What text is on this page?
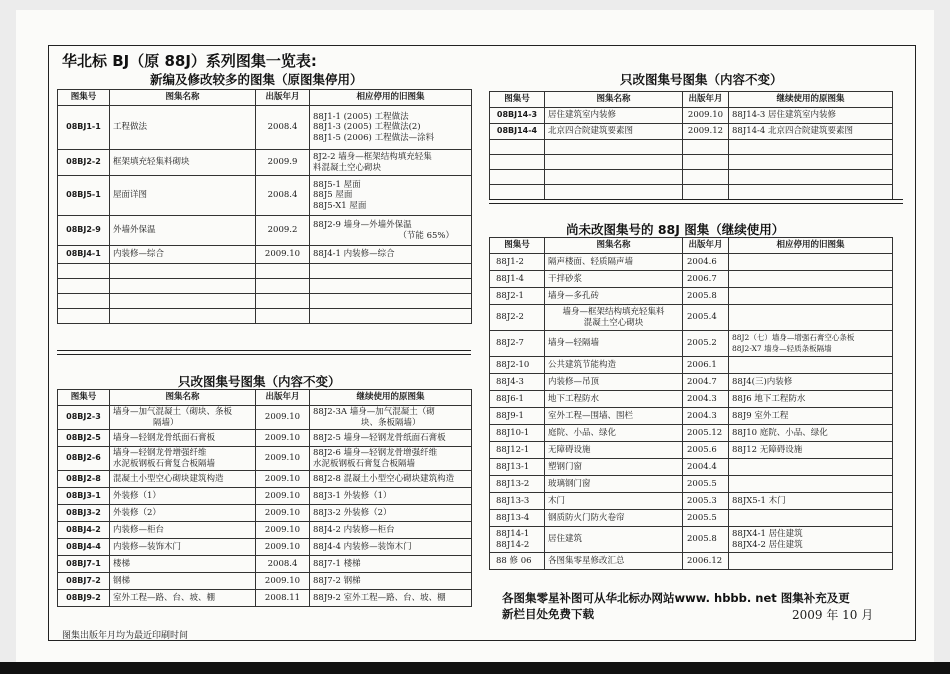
华北标 BJ（原 88J）系列图集一览表:
新编及修改较多的图集（原图集停用）
图集号	图集名称	出版年月	相应停用的旧图集
08BJ1-1	工程做法	2008.4	88J1-1 (2005) 工程做法
88J1-3 (2005) 工程做法(2)
88J1-5 (2006) 工程做法—涂料

08BJ2-2	框架填充轻集料砌块	2009.9	8J2-2 墙身—框架结构填充轻集
料混凝土空心砌块

08BJ5-1	屋面详图	2008.4	88J5-1 屋面
88J5 屋面
88J5-X1 屋面

08BJ2-9	外墙外保温	2009.2	88J2-9 墙身—外墙外保温
（节能 65%）

08BJ4-1	内装修—综合	2009.10	88J4-1 内装修—综合

只改图集号图集（内容不变）
图集号	图集名称	出版年月	继续使用的原图集
08BJ2-3	墙身—加气混凝土（砌块、条板
隔墙）	2009.10	88J2-3A 墙身—加气混凝土（砌
块、条板隔墙）

08BJ2-5	墙身—轻钢龙骨纸面石膏板	2009.10	88J2-5 墙身—轻钢龙骨纸面石膏板

08BJ2-6	墙身—轻钢龙骨增强纤维
水泥板钢板石膏复合板隔墙	2009.10	88J2-6 墙身—轻钢龙骨增强纤维
水泥板钢板石膏复合板隔墙

08BJ2-8	混凝土小型空心砌块建筑构造	2009.10	88J2-8 混凝土小型空心砌块建筑构造

08BJ3-1	外装修（1）	2009.10	88J3-1 外装修（1）

08BJ3-2	外装修（2）	2009.10	88J3-2 外装修（2）

08BJ4-2	内装修—柜台	2009.10	88J4-2 内装修—柜台

08BJ4-4	内装修—装饰木门	2009.10	88J4-4 内装修—装饰木门

08BJ7-1	楼梯	2008.4	88J7-1 楼梯

08BJ7-2	钢梯	2009.10	88J7-2 钢梯

08BJ9-2	室外工程—路、台、坡、棚	2008.11	88J9-2 室外工程—路、台、坡、棚
只改图集号图集（内容不变）
图集号	图集名称	出版年月	继续使用的原图集
08BJ14-3	居住建筑室内装修	2009.10	88J14-3 居住建筑室内装修
08BJ14-4	北京四合院建筑要素图	2009.12	88J14-4 北京四合院建筑要素图

尚未改图集号的 88J 图集（继续使用）
图集号	图集名称	出版年月	相应停用的旧图集
88J1-2	隔声楼面、轻质隔声墙	2004.6	
88J1-4	干拌砂浆	2006.7	
88J2-1	墙身—多孔砖	2005.8	
88J2-2	墙身—框架结构填充轻集料
混凝土空心砌块	2005.4	
88J2-7	墙身—轻隔墙	2005.2	88J2（七）墙身—增强石膏空心条板
88J2-X7 墙身—轻质条板隔墙

88J2-10	公共建筑节能构造	2006.1	
88J4-3	内装修—吊顶	2004.7	88J4(三)内装修

88J6-1	地下工程防水	2004.3	88J6 地下工程防水

88J9-1	室外工程—围墙、围栏	2004.3	88J9 室外工程

88J10-1	庭院、小品、绿化	2005.12	88J10 庭院、小品、绿化

88J12-1	无障碍设施	2005.6	88J12 无障碍设施

88J13-1	塑钢门窗	2004.4	
88J13-2	玻璃钢门窗	2005.5	
88J13-3	木门	2005.3	88JX5-1 木门

88J13-4	钢质防火门防火卷帘	2005.5	
88J14-1
88J14-2	居住建筑	2005.8	88JX4-1 居住建筑
88JX4-2 居住建筑

88 修 06	各图集零星修改汇总	2006.12	
各图集零星补图可从华北标办网站www. hbbb. net 图集补充及更
新栏目处免费下载	2009 年 10 月
图集出版年月均为最近印刷时间
